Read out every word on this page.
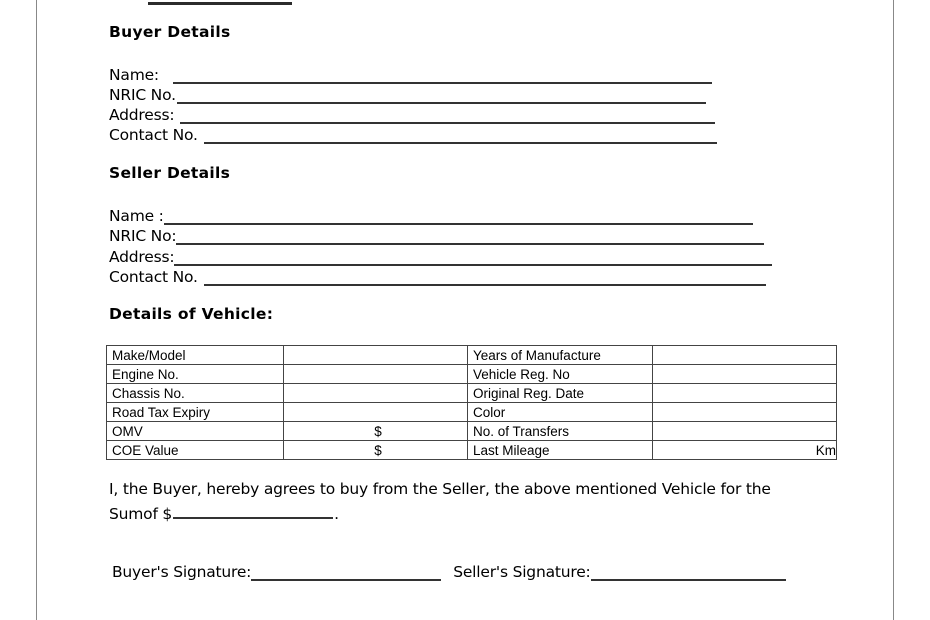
Buyer Details
Name:
NRIC No.
Address:
Contact No.
Seller Details
Name :
NRIC No:
Address:
Contact No.
Details of Vehicle:
Make/Model		Years of Manufacture	
Engine No.		Vehicle Reg. No	
Chassis No.		Original Reg. Date	
Road Tax Expiry		Color	
OMV	$	No. of Transfers	
COE Value	$	Last Mileage	Km
I, the Buyer, hereby agrees to buy from the Seller, the above mentioned Vehicle for the
Sumof $	.
Buyer's Signature:	Seller's Signature:
